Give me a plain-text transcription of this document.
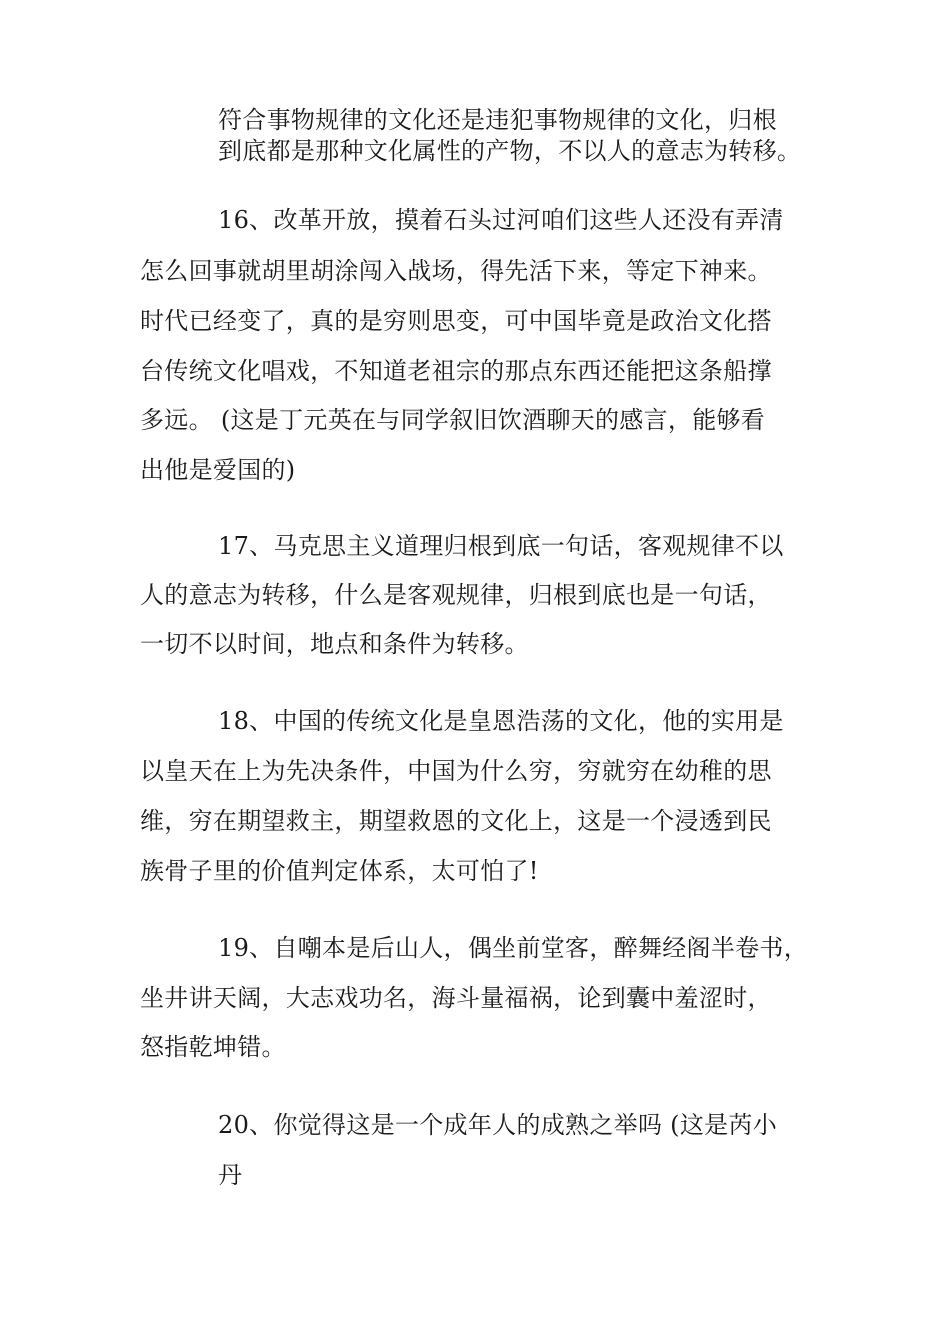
符合事物规律的文化还是违犯事物规律的文化，归根
到底都是那种文化属性的产物，不以人的意志为转移。
16、改革开放，摸着石头过河咱们这些人还没有弄清
怎么回事就胡里胡涂闯入战场，得先活下来，等定下神来。
时代已经变了，真的是穷则思变，可中国毕竟是政治文化搭
台传统文化唱戏，不知道老祖宗的那点东西还能把这条船撑
多远。 (这是丁元英在与同学叙旧饮酒聊天的感言，能够看
出他是爱国的)
17、马克思主义道理归根到底一句话，客观规律不以
人的意志为转移，什么是客观规律，归根到底也是一句话，
一切不以时间，地点和条件为转移。
18、中国的传统文化是皇恩浩荡的文化，他的实用是
以皇天在上为先决条件，中国为什么穷，穷就穷在幼稚的思
维，穷在期望救主，期望救恩的文化上，这是一个浸透到民
族骨子里的价值判定体系，太可怕了!
19、自嘲本是后山人，偶坐前堂客，醉舞经阁半卷书，
坐井讲天阔，大志戏功名，海斗量福祸，论到囊中羞涩时，
怒指乾坤错。
20、你觉得这是一个成年人的成熟之举吗 (这是芮小
丹
